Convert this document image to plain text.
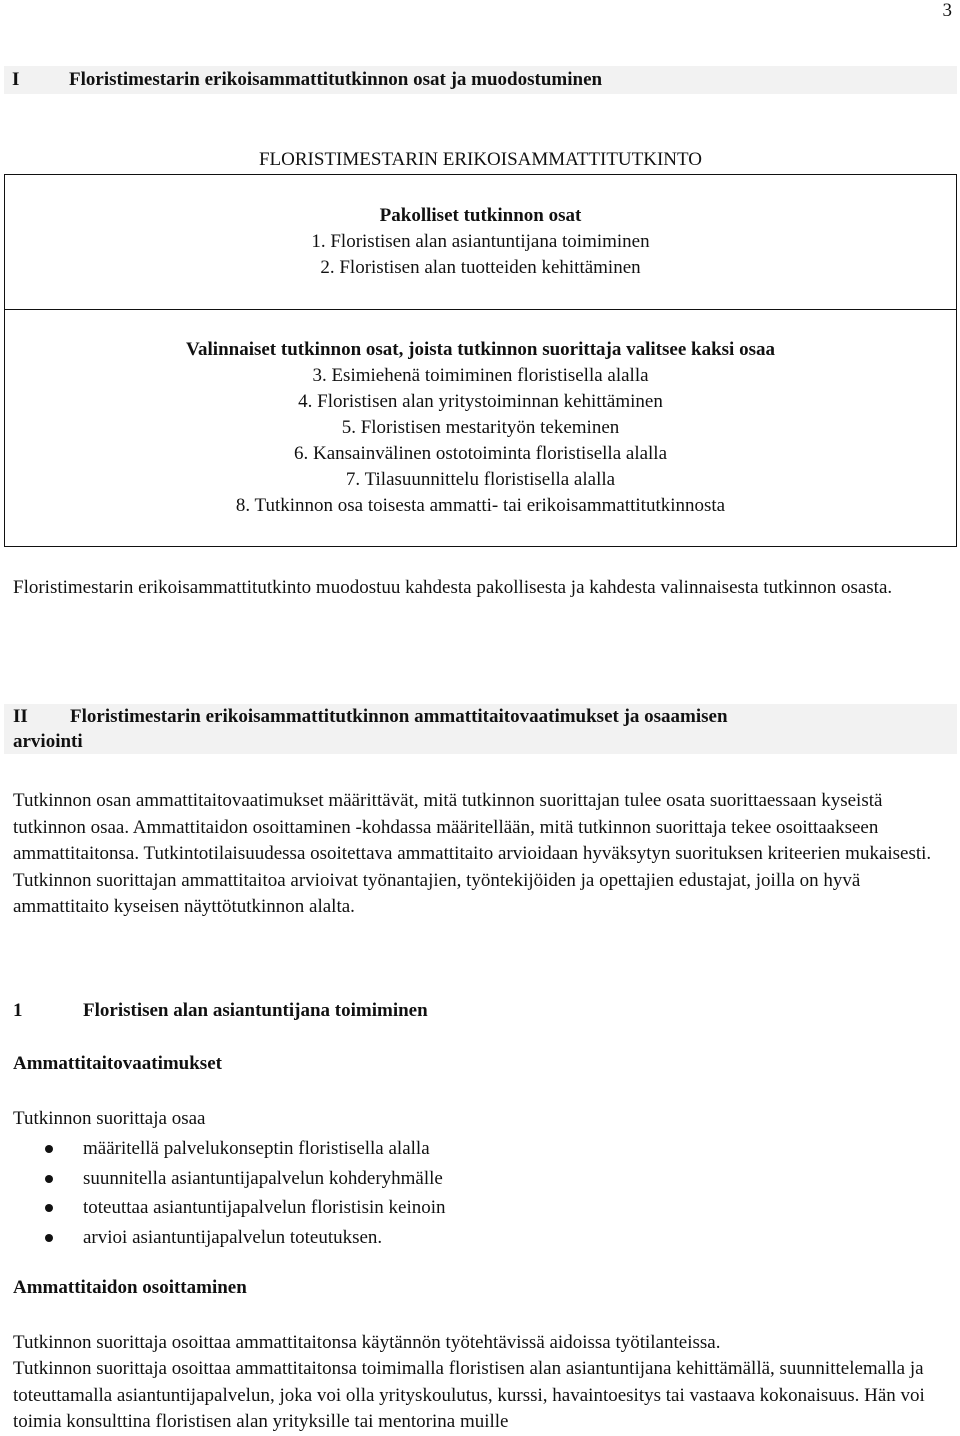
3
I	Floristimestarin erikoisammattitutkinnon osat ja muodostuminen
FLORISTIMESTARIN ERIKOISAMMATTITUTKINTO
Pakolliset tutkinnon osat
1. Floristisen alan asiantuntijana toimiminen
2. Floristisen alan tuotteiden kehittäminen
Valinnaiset tutkinnon osat, joista tutkinnon suorittaja valitsee kaksi osaa
3. Esimiehenä toimiminen floristisella alalla
4. Floristisen alan yritystoiminnan kehittäminen
5. Floristisen mestarityön tekeminen
6. Kansainvälinen ostotoiminta floristisella alalla
7. Tilasuunnittelu floristisella alalla
8. Tutkinnon osa toisesta ammatti- tai erikoisammattitutkinnosta
Floristimestarin erikoisammattitutkinto muodostuu kahdesta pakollisesta ja kahdesta valinnaisesta tutkinnon osasta.
II Floristimestarin erikoisammattitutkinnon ammattitaitovaatimukset ja osaamisen
arviointi
Tutkinnon osan ammattitaitovaatimukset määrittävät, mitä tutkinnon suorittajan tulee osata suorittaessaan kyseistä tutkinnon osaa. Ammattitaidon osoittaminen -kohdassa määritellään, mitä tutkinnon suorittaja tekee osoittaakseen ammattitaitonsa. Tutkintotilaisuudessa osoitettava ammattitaito arvioidaan hyväksytyn suorituksen kriteerien mukaisesti. Tutkinnon suorittajan ammattitaitoa arvioivat työnantajien, työntekijöiden ja opettajien edustajat, joilla on hyvä ammattitaito kyseisen näyttötutkinnon alalta.
1	Floristisen alan asiantuntijana toimiminen
Ammattitaitovaatimukset
Tutkinnon suorittaja osaa
määritellä palvelukonseptin floristisella alalla
suunnitella asiantuntijapalvelun kohderyhmälle
toteuttaa asiantuntijapalvelun floristisin keinoin
arvioi asiantuntijapalvelun toteutuksen.
Ammattitaidon osoittaminen
Tutkinnon suorittaja osoittaa ammattitaitonsa käytännön työtehtävissä aidoissa työtilanteissa.
Tutkinnon suorittaja osoittaa ammattitaitonsa toimimalla floristisen alan asiantuntijana kehittämällä, suunnittelemalla ja toteuttamalla asiantuntijapalvelun, joka voi olla yrityskoulutus, kurssi, havaintoesitys tai vastaava kokonaisuus. Hän voi toimia konsulttina floristisen alan yrityksille tai mentorina muille
